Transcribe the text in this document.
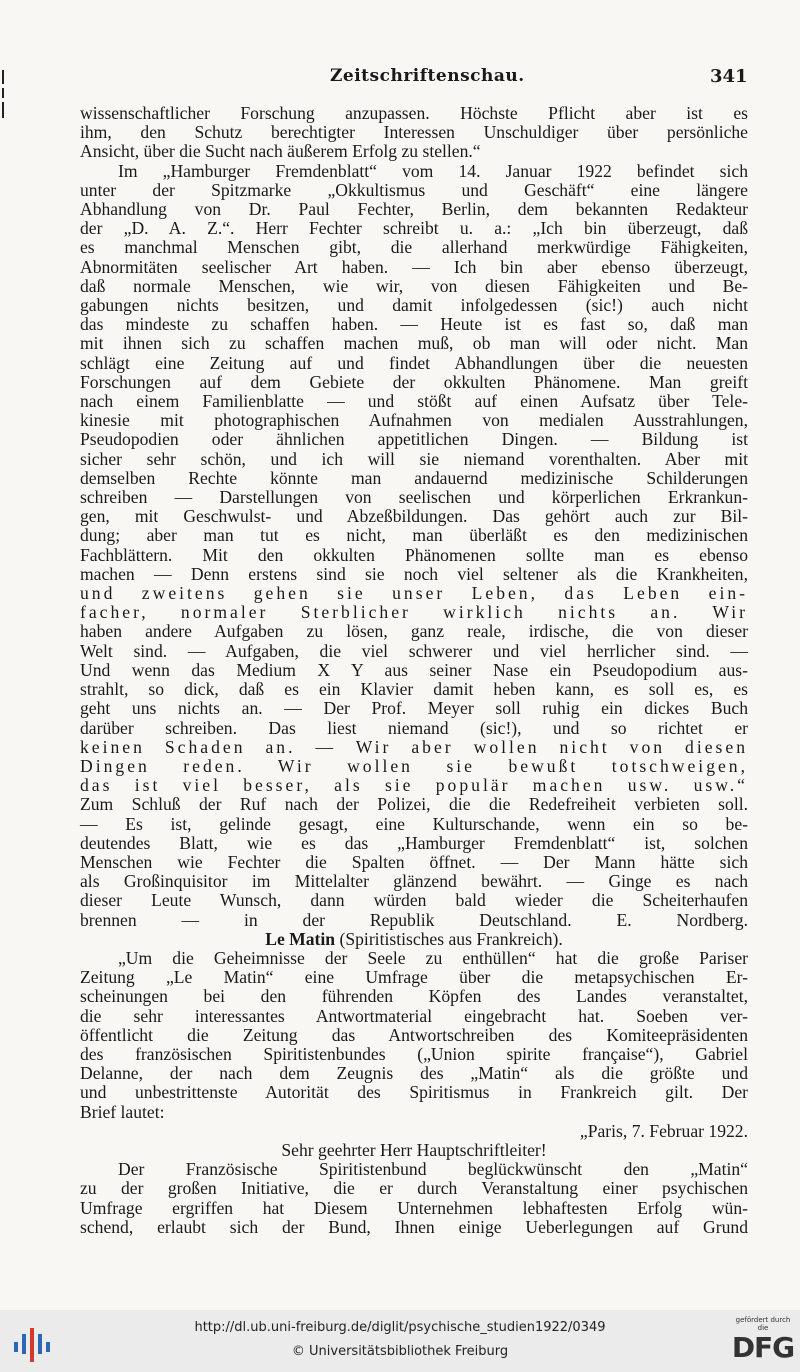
Zeitschriftenschau.	341
wissenschaftlicher Forschung anzupassen. Höchste Pflicht aber ist es
ihm, den Schutz berechtigter Interessen Unschuldiger über persönliche
Ansicht, über die Sucht nach äußerem Erfolg zu stellen.“
Im „Hamburger Fremdenblatt“ vom 14. Januar 1922 befindet sich
unter der Spitzmarke „Okkultismus und Geschäft“ eine längere
Abhandlung von Dr. Paul Fechter, Berlin, dem bekannten Redakteur
der „D. A. Z.“. Herr Fechter schreibt u. a.: „Ich bin überzeugt, daß
es manchmal Menschen gibt, die allerhand merkwürdige Fähigkeiten,
Abnormitäten seelischer Art haben. — Ich bin aber ebenso überzeugt,
daß normale Menschen, wie wir, von diesen Fähigkeiten und Be-
gabungen nichts besitzen, und damit infolgedessen (sic!) auch nicht
das mindeste zu schaffen haben. — Heute ist es fast so, daß man
mit ihnen sich zu schaffen machen muß, ob man will oder nicht. Man
schlägt eine Zeitung auf und findet Abhandlungen über die neuesten
Forschungen auf dem Gebiete der okkulten Phänomene. Man greift
nach einem Familienblatte — und stößt auf einen Aufsatz über Tele-
kinesie mit photographischen Aufnahmen von medialen Ausstrahlungen,
Pseudopodien oder ähnlichen appetitlichen Dingen. — Bildung ist
sicher sehr schön, und ich will sie niemand vorenthalten. Aber mit
demselben Rechte könnte man andauernd medizinische Schilderungen
schreiben — Darstellungen von seelischen und körperlichen Erkrankun-
gen, mit Geschwulst- und Abzeßbildungen. Das gehört auch zur Bil-
dung; aber man tut es nicht, man überläßt es den medizinischen
Fachblättern. Mit den okkulten Phänomenen sollte man es ebenso
machen — Denn erstens sind sie noch viel seltener als die Krankheiten,
und zweitens gehen sie unser Leben, das Leben ein-
facher, normaler Sterblicher wirklich nichts an. Wir
haben andere Aufgaben zu lösen, ganz reale, irdische, die von dieser
Welt sind. — Aufgaben, die viel schwerer und viel herrlicher sind. —
Und wenn das Medium X Y aus seiner Nase ein Pseudopodium aus-
strahlt, so dick, daß es ein Klavier damit heben kann, es soll es, es
geht uns nichts an. — Der Prof. Meyer soll ruhig ein dickes Buch
darüber schreiben. Das liest niemand (sic!), und so richtet er
keinen Schaden an. — Wir aber wollen nicht von diesen
Dingen reden. Wir wollen sie bewußt totschweigen,
das ist viel besser, als sie populär machen usw. usw.“
Zum Schluß der Ruf nach der Polizei, die die Redefreiheit verbieten soll.
— Es ist, gelinde gesagt, eine Kulturschande, wenn ein so be-
deutendes Blatt, wie es das „Hamburger Fremdenblatt“ ist, solchen
Menschen wie Fechter die Spalten öffnet. — Der Mann hätte sich
als Großinquisitor im Mittelalter glänzend bewährt. — Ginge es nach
dieser Leute Wunsch, dann würden bald wieder die Scheiterhaufen
brennen — in der Republik Deutschland. E. Nordberg.
Le Matin (Spiritistisches aus Frankreich).
„Um die Geheimnisse der Seele zu enthüllen“ hat die große Pariser
Zeitung „Le Matin“ eine Umfrage über die metapsychischen Er-
scheinungen bei den führenden Köpfen des Landes veranstaltet,
die sehr interessantes Antwortmaterial eingebracht hat. Soeben ver-
öffentlicht die Zeitung das Antwortschreiben des Komiteepräsidenten
des französischen Spiritistenbundes („Union spirite française“), Gabriel
Delanne, der nach dem Zeugnis des „Matin“ als die größte und
und unbestrittenste Autorität des Spiritismus in Frankreich gilt. Der
Brief lautet:
„Paris, 7. Februar 1922.
Sehr geehrter Herr Hauptschriftleiter!
Der Französische Spiritistenbund beglückwünscht den „Matin“
zu der großen Initiative, die er durch Veranstaltung einer psychischen
Umfrage ergriffen hat Diesem Unternehmen lebhaftesten Erfolg wün-
schend, erlaubt sich der Bund, Ihnen einige Ueberlegungen auf Grund
http://dl.ub.uni-freiburg.de/diglit/psychische_studien1922/0349
© Universitätsbibliothek Freiburg
gefördert durch die
DFG
